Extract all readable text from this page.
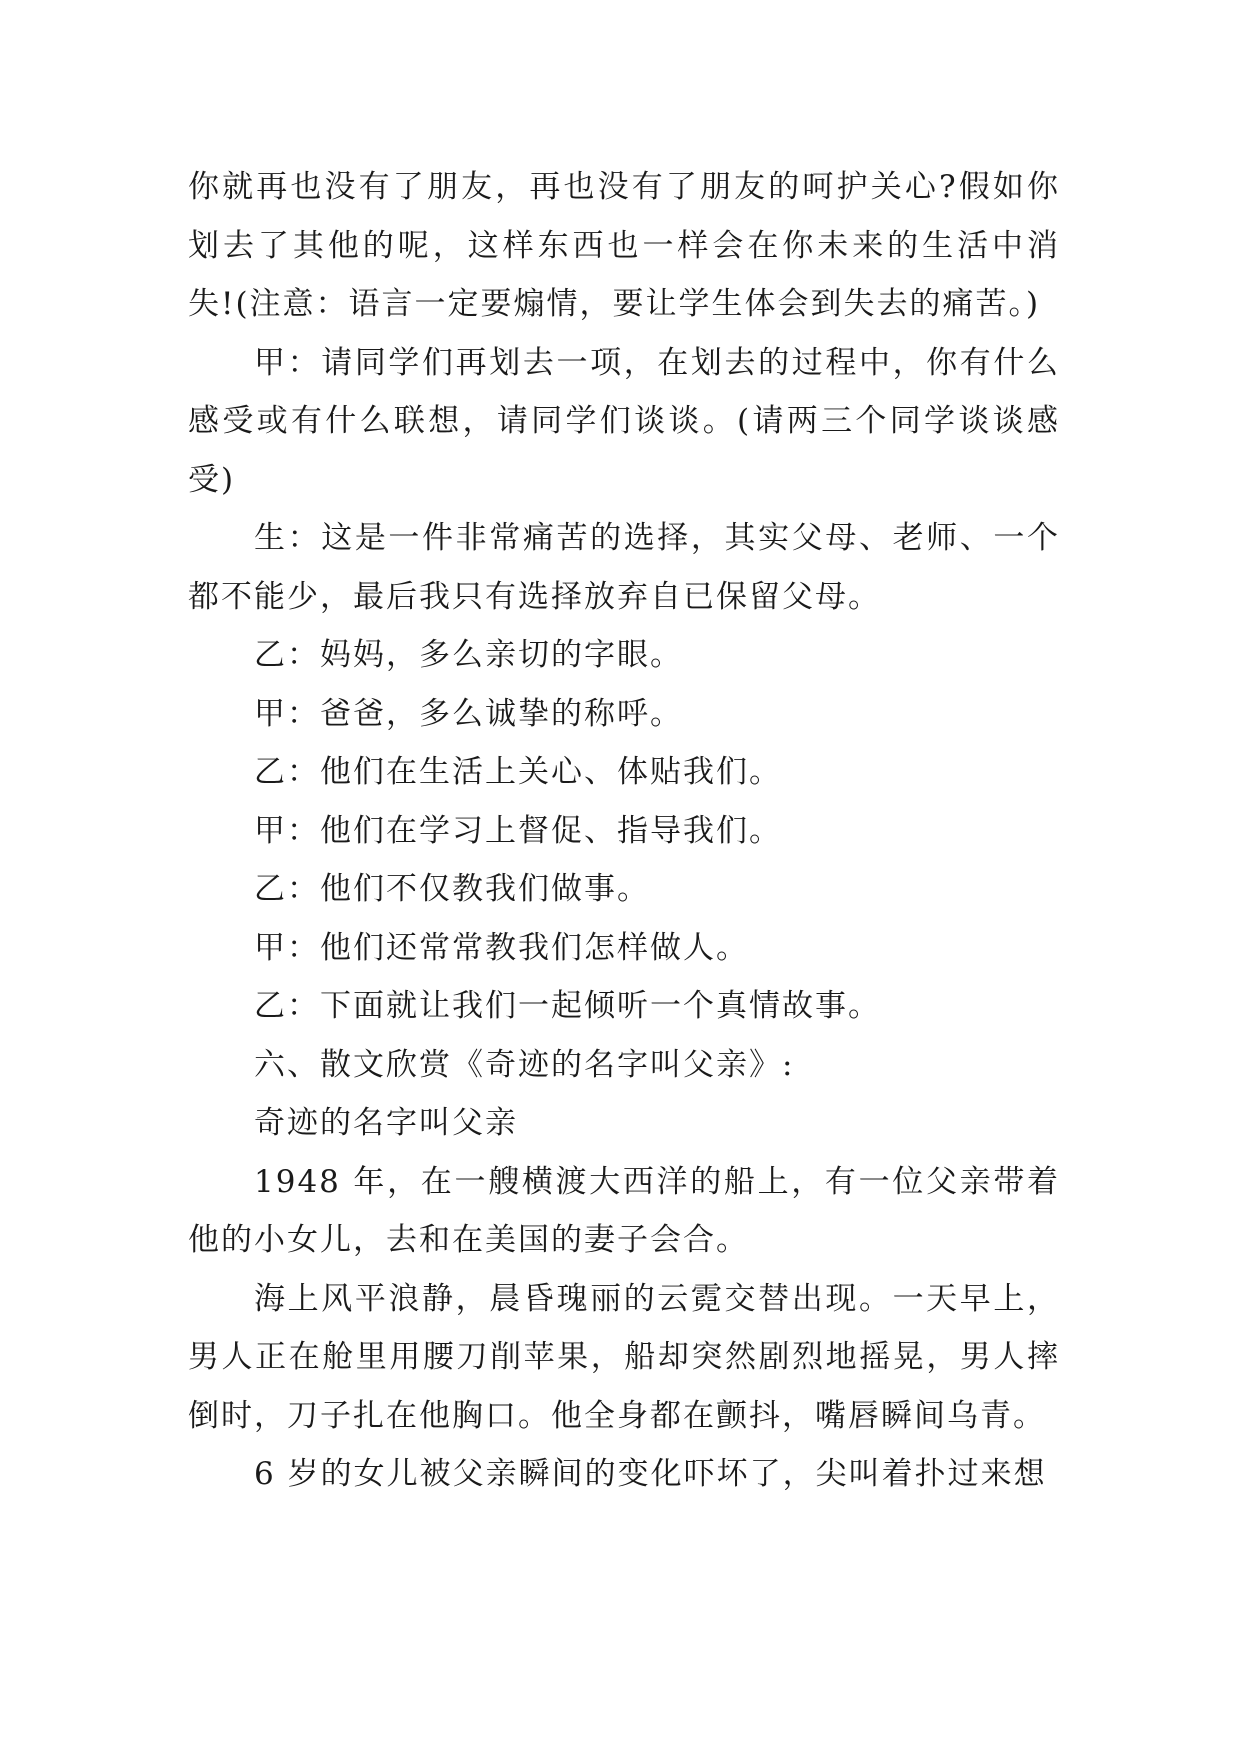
你就再也没有了朋友，再也没有了朋友的呵护关心?假如你划去了其他的呢，这样东西也一样会在你未来的生活中消失!(注意：语言一定要煽情，要让学生体会到失去的痛苦。)

甲：请同学们再划去一项，在划去的过程中，你有什么感受或有什么联想，请同学们谈谈。(请两三个同学谈谈感受)

生：这是一件非常痛苦的选择，其实父母、老师、一个都不能少，最后我只有选择放弃自已保留父母。

乙：妈妈，多么亲切的字眼。

甲：爸爸，多么诚挚的称呼。

乙：他们在生活上关心、体贴我们。

甲：他们在学习上督促、指导我们。

乙：他们不仅教我们做事。

甲：他们还常常教我们怎样做人。

乙：下面就让我们一起倾听一个真情故事。

六、散文欣赏《奇迹的名字叫父亲》:

奇迹的名字叫父亲

1948 年，在一艘横渡大西洋的船上，有一位父亲带着他的小女儿，去和在美国的妻子会合。

海上风平浪静，晨昏瑰丽的云霓交替出现。一天早上，男人正在舱里用腰刀削苹果，船却突然剧烈地摇晃，男人摔倒时，刀子扎在他胸口。他全身都在颤抖，嘴唇瞬间乌青。

6 岁的女儿被父亲瞬间的变化吓坏了，尖叫着扑过来想
